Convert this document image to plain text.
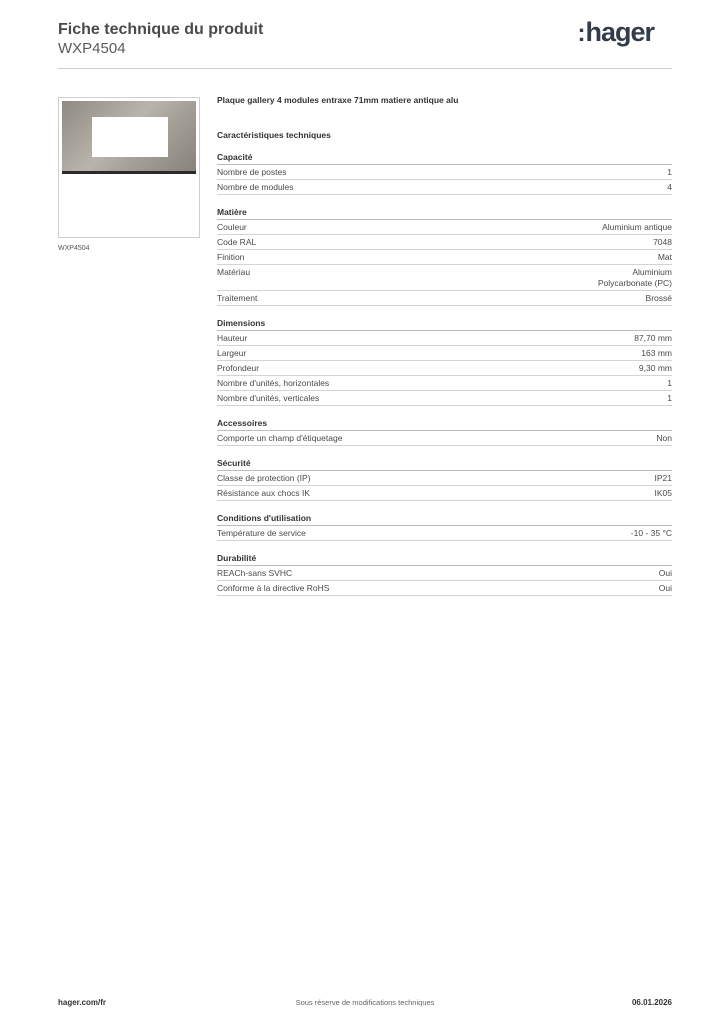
Fiche technique du produit
WXP4504
:hager
WXP4504
Plaque gallery 4 modules entraxe 71mm matiere antique alu
Caractéristiques techniques
Capacité
Nombre de postes	1
Nombre de modules	4
Matière
Couleur	Aluminium antique
Code RAL	7048
Finition	Mat
Matériau	Aluminium
Polycarbonate (PC)
Traitement	Brossé
Dimensions
Hauteur	87,70 mm
Largeur	163 mm
Profondeur	9,30 mm
Nombre d'unités, horizontales	1
Nombre d'unités, verticales	1
Accessoires
Comporte un champ d'étiquetage	Non
Sécurité
Classe de protection (IP)	IP21
Résistance aux chocs IK	IK05
Conditions d'utilisation
Température de service	-10 - 35 °C
Durabilité
REACh-sans SVHC	Oui
Conforme à la directive RoHS	Oui
hager.com/fr	Sous réserve de modifications techniques	06.01.2026
